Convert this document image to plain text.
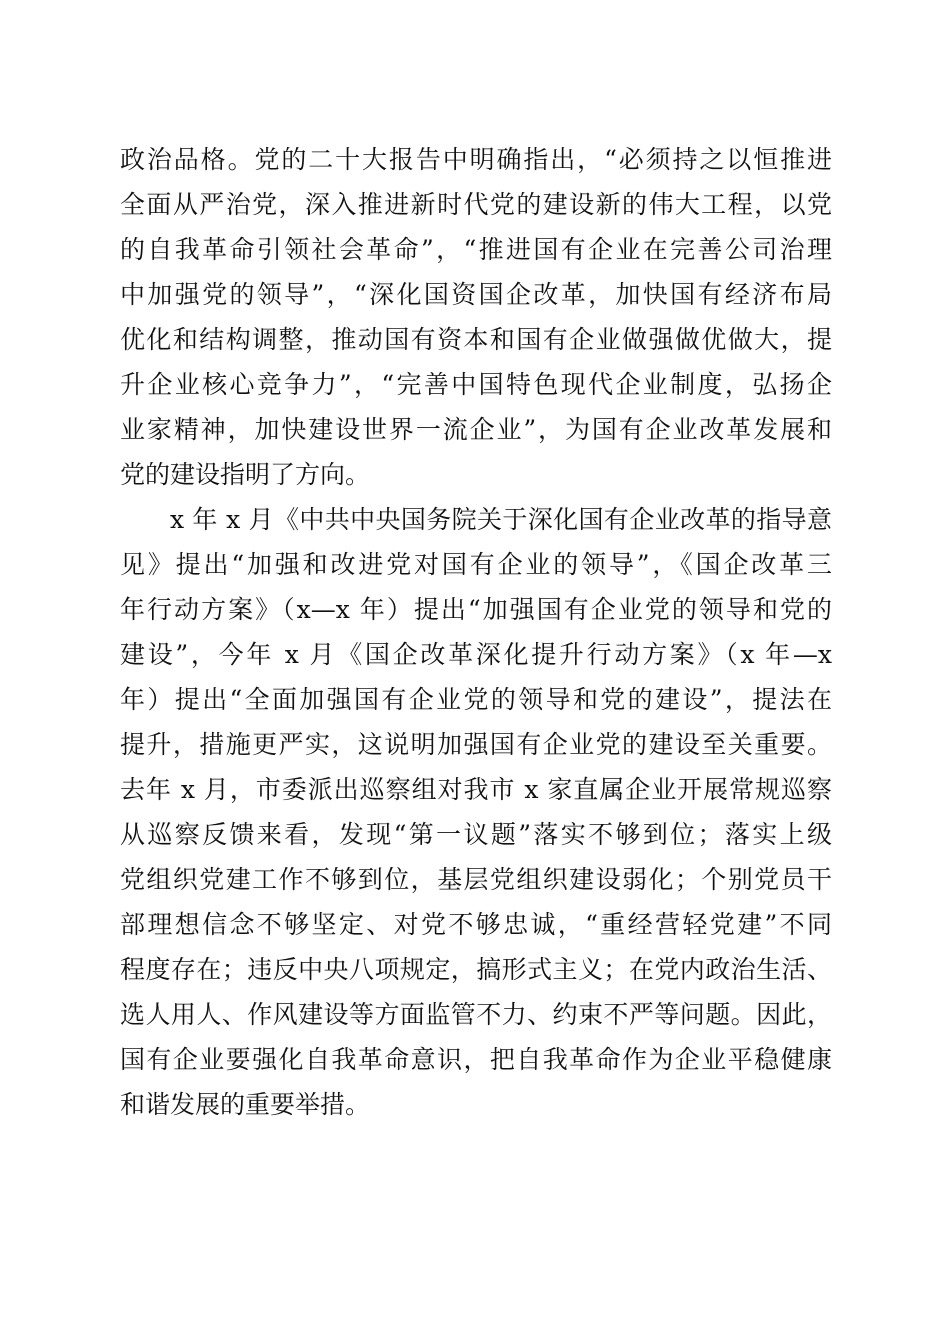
政治品格。党的二十大报告中明确指出，“必须持之以恒推进
全面从严治党，深入推进新时代党的建设新的伟大工程，以党
的自我革命引领社会革命”，“推进国有企业在完善公司治理
中加强党的领导”，“深化国资国企改革，加快国有经济布局
优化和结构调整，推动国有资本和国有企业做强做优做大，提
升企业核心竞争力”，“完善中国特色现代企业制度，弘扬企
业家精神，加快建设世界一流企业”，为国有企业改革发展和
党的建设指明了方向。
x 年 x 月《中共中央国务院关于深化国有企业改革的指导意
见》提出“加强和改进党对国有企业的领导”，《国企改革三
年行动方案》（x—x 年）提出“加强国有企业党的领导和党的
建设”，今年 x 月《国企改革深化提升行动方案》（x 年—x
年）提出“全面加强国有企业党的领导和党的建设”，提法在
提升，措施更严实，这说明加强国有企业党的建设至关重要。
去年 x 月，市委派出巡察组对我市 x 家直属企业开展常规巡察
从巡察反馈来看，发现“第一议题”落实不够到位；落实上级
党组织党建工作不够到位，基层党组织建设弱化；个别党员干
部理想信念不够坚定、对党不够忠诚，“重经营轻党建”不同
程度存在；违反中央八项规定，搞形式主义；在党内政治生活、
选人用人、作风建设等方面监管不力、约束不严等问题。因此，
国有企业要强化自我革命意识，把自我革命作为企业平稳健康
和谐发展的重要举措。
